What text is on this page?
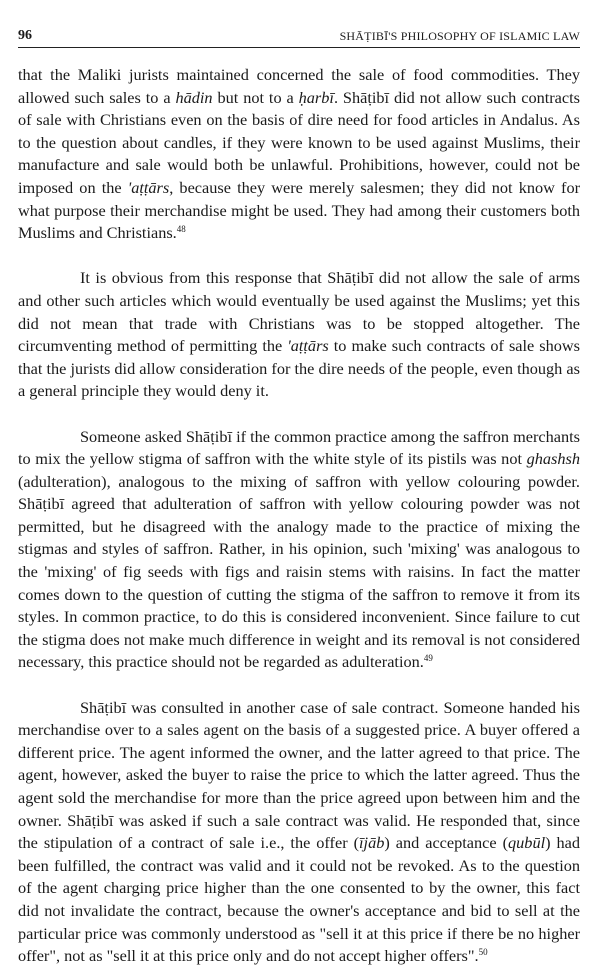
96	SHĀṬIBĪ'S PHILOSOPHY OF ISLAMIC LAW

that the Maliki jurists maintained concerned the sale of food commodities. They allowed such sales to a hādin but not to a ḥarbī. Shāṭibī did not allow such contracts of sale with Christians even on the basis of dire need for food articles in Andalus. As to the question about candles, if they were known to be used against Muslims, their manufacture and sale would both be unlawful. Prohibitions, however, could not be imposed on the 'aṭṭārs, because they were merely salesmen; they did not know for what purpose their merchandise might be used. They had among their customers both Muslims and Christians.$^{48}$

It is obvious from this response that Shāṭibī did not allow the sale of arms and other such articles which would eventually be used against the Muslims; yet this did not mean that trade with Christians was to be stopped altogether. The circumventing method of permitting the 'aṭṭārs to make such contracts of sale shows that the jurists did allow consideration for the dire needs of the people, even though as a general principle they would deny it.

Someone asked Shāṭibī if the common practice among the saffron merchants to mix the yellow stigma of saffron with the white style of its pistils was not ghashsh (adulteration), analogous to the mixing of saffron with yellow colouring powder. Shāṭibī agreed that adulteration of saffron with yellow colouring powder was not permitted, but he disagreed with the analogy made to the practice of mixing the stigmas and styles of saffron. Rather, in his opinion, such 'mixing' was analogous to the 'mixing' of fig seeds with figs and raisin stems with raisins. In fact the matter comes down to the question of cutting the stigma of the saffron to remove it from its styles. In common practice, to do this is considered inconvenient. Since failure to cut the stigma does not make much difference in weight and its removal is not considered necessary, this practice should not be regarded as adulteration.$^{49}$

Shāṭibī was consulted in another case of sale contract. Someone handed his merchandise over to a sales agent on the basis of a suggested price. A buyer offered a different price. The agent informed the owner, and the latter agreed to that price. The agent, however, asked the buyer to raise the price to which the latter agreed. Thus the agent sold the merchandise for more than the price agreed upon between him and the owner. Shāṭibī was asked if such a sale contract was valid. He responded that, since the stipulation of a contract of sale i.e., the offer (ījāb) and acceptance (qubūl) had been fulfilled, the contract was valid and it could not be revoked. As to the question of the agent charging price higher than the one consented to by the owner, this fact did not invalidate the contract, because the owner's acceptance and bid to sell at the particular price was commonly understood as "sell it at this price if there be no higher offer", not as "sell it at this price only and do not accept higher offers".$^{50}$
